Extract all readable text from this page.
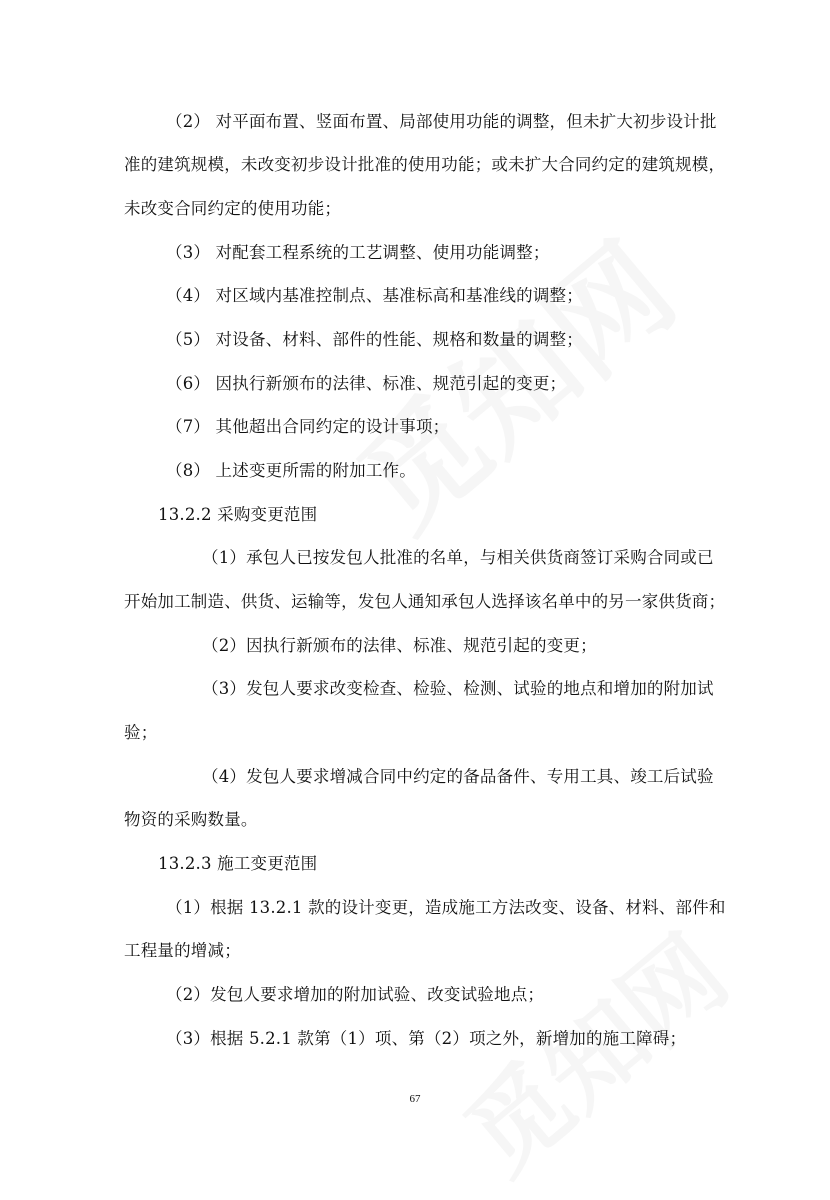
（2） 对平面布置、竖面布置、局部使用功能的调整，但未扩大初步设计批
准的建筑规模，未改变初步设计批准的使用功能；或未扩大合同约定的建筑规模，
未改变合同约定的使用功能；
（3） 对配套工程系统的工艺调整、使用功能调整；
（4） 对区域内基准控制点、基准标高和基准线的调整；
（5） 对设备、材料、部件的性能、规格和数量的调整；
（6） 因执行新颁布的法律、标准、规范引起的变更；
（7） 其他超出合同约定的设计事项；
（8） 上述变更所需的附加工作。
13.2.2 采购变更范围
（1）承包人已按发包人批准的名单，与相关供货商签订采购合同或已
开始加工制造、供货、运输等，发包人通知承包人选择该名单中的另一家供货商；
（2）因执行新颁布的法律、标准、规范引起的变更；
（3）发包人要求改变检查、检验、检测、试验的地点和增加的附加试
验；
（4）发包人要求增减合同中约定的备品备件、专用工具、竣工后试验
物资的采购数量。
13.2.3 施工变更范围
（1）根据 13.2.1 款的设计变更，造成施工方法改变、设备、材料、部件和
工程量的增减；
（2）发包人要求增加的附加试验、改变试验地点；
（3）根据 5.2.1 款第（1）项、第（2）项之外，新增加的施工障碍；
67
